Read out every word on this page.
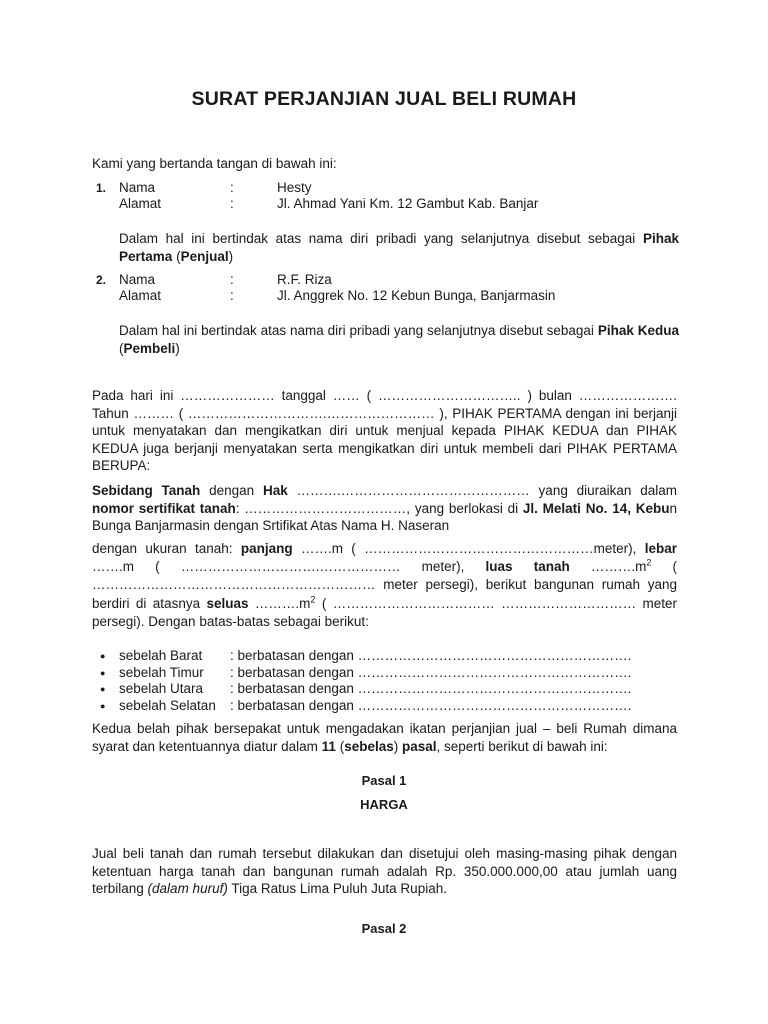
SURAT PERJANJIAN JUAL BELI RUMAH

Kami yang bertanda tangan di bawah ini:

1. Nama	:	Hesty
Alamat	:	Jl. Ahmad Yani Km. 12 Gambut Kab. Banjar

Dalam hal ini bertindak atas nama diri pribadi yang selanjutnya disebut sebagai Pihak Pertama (Penjual)

2. Nama	:	R.F. Riza
Alamat	:	Jl. Anggrek No. 12 Kebun Bunga, Banjarmasin

Dalam hal ini bertindak atas nama diri pribadi yang selanjutnya disebut sebagai Pihak Kedua (Pembeli)

Pada hari ini ………………… tanggal …… ( ………………………….. ) bulan …………………. Tahun ……… ( ………………………….…………………… ), PIHAK PERTAMA dengan ini berjanji untuk menyatakan dan mengikatkan diri untuk menjual kepada PIHAK KEDUA dan PIHAK KEDUA juga berjanji menyatakan serta mengikatkan diri untuk membeli dari PIHAK PERTAMA BERUPA:

Sebidang Tanah dengan Hak ……….…………………………………… yang diuraikan dalam nomor sertifikat tanah: ………………………………, yang berlokasi di Jl. Melati No. 14, Kebun Bunga Banjarmasin dengan Srtifikat Atas Nama H. Naseran

dengan ukuran tanah: panjang …….m ( ……………………………………………meter), lebar …….m ( ………………………….……………… meter), luas tanah $\dots\dots\dots.m^2$ ( ……………………………………………………… meter persegi), berikut bangunan rumah yang berdiri di atasnya seluas $\dots\dots\dots.m^2$ ( ……………………………… ………………………… meter persegi). Dengan batas-batas sebagai berikut:

● sebelah Barat : berbatasan dengan …………………………………………………….
● sebelah Timur : berbatasan dengan …………………………………………………….
● sebelah Utara : berbatasan dengan …………………………………………………….
● sebelah Selatan : berbatasan dengan …………………………………………………….

Kedua belah pihak bersepakat untuk mengadakan ikatan perjanjian jual – beli Rumah dimana syarat dan ketentuannya diatur dalam 11 (sebelas) pasal, seperti berikut di bawah ini:

Pasal 1

HARGA

Jual beli tanah dan rumah tersebut dilakukan dan disetujui oleh masing-masing pihak dengan ketentuan harga tanah dan bangunan rumah adalah Rp. 350.000.000,00 atau jumlah uang terbilang (dalam huruf) Tiga Ratus Lima Puluh Juta Rupiah.

Pasal 2
